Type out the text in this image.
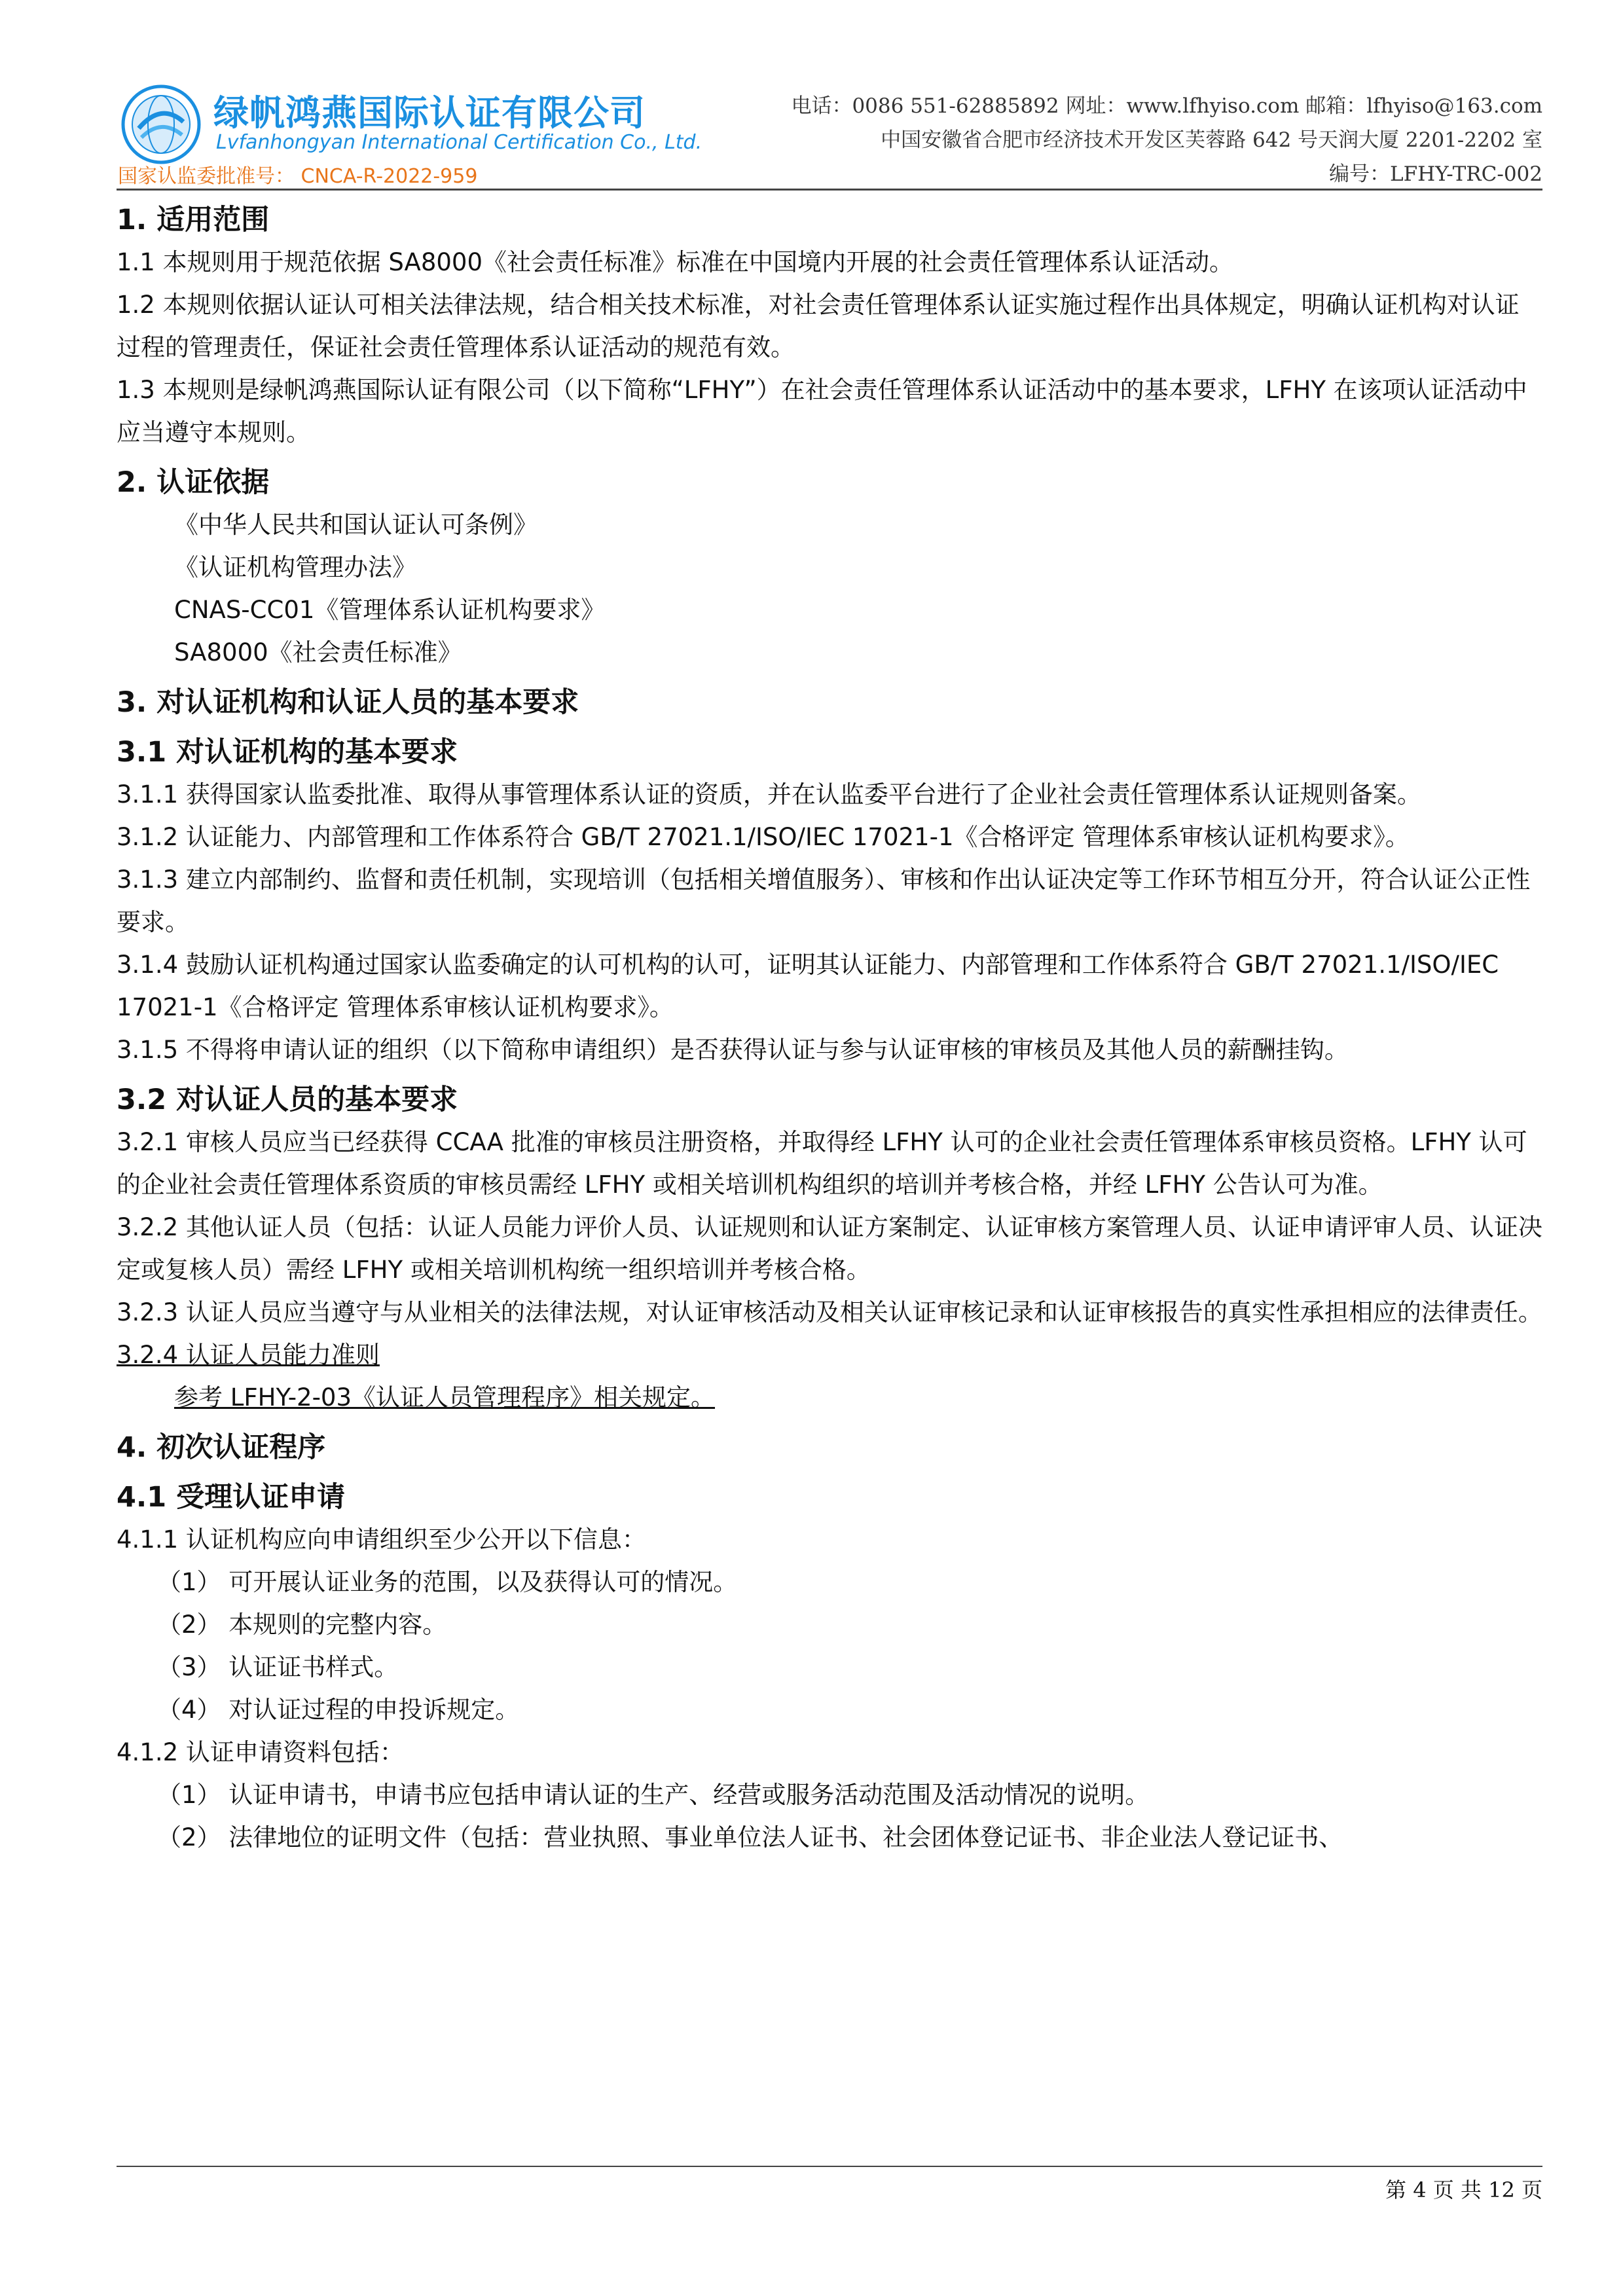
绿帆鸿燕国际认证有限公司
Lvfanhongyan International Certification Co., Ltd.
国家认监委批准号： CNCA-R-2022-959
电话：0086 551-62885892 网址：www.lfhyiso.com 邮箱：lfhyiso@163.com
中国安徽省合肥市经济技术开发区芙蓉路 642 号天润大厦 2201-2202 室
编号：LFHY-TRC-002
1. 适用范围

1.1 本规则用于规范依据 SA8000《社会责任标准》标准在中国境内开展的社会责任管理体系认证活动。

1.2 本规则依据认证认可相关法律法规，结合相关技术标准，对社会责任管理体系认证实施过程作出具体规定，明确认证机构对认证过程的管理责任，保证社会责任管理体系认证活动的规范有效。

1.3 本规则是绿帆鸿燕国际认证有限公司（以下简称“LFHY”）在社会责任管理体系认证活动中的基本要求，LFHY 在该项认证活动中应当遵守本规则。

2. 认证依据

《中华人民共和国认证认可条例》

《认证机构管理办法》

CNAS-CC01《管理体系认证机构要求》

SA8000《社会责任标准》

3. 对认证机构和认证人员的基本要求
3.1 对认证机构的基本要求

3.1.1 获得国家认监委批准、取得从事管理体系认证的资质，并在认监委平台进行了企业社会责任管理体系认证规则备案。

3.1.2 认证能力、内部管理和工作体系符合 GB/T 27021.1/ISO/IEC 17021-1《合格评定 管理体系审核认证机构要求》。

3.1.3 建立内部制约、监督和责任机制，实现培训（包括相关增值服务）、审核和作出认证决定等工作环节相互分开，符合认证公正性要求。

3.1.4 鼓励认证机构通过国家认监委确定的认可机构的认可，证明其认证能力、内部管理和工作体系符合 GB/T 27021.1/ISO/IEC 17021-1《合格评定 管理体系审核认证机构要求》。

3.1.5 不得将申请认证的组织（以下简称申请组织）是否获得认证与参与认证审核的审核员及其他人员的薪酬挂钩。

3.2 对认证人员的基本要求

3.2.1 审核人员应当已经获得 CCAA 批准的审核员注册资格，并取得经 LFHY 认可的企业社会责任管理体系审核员资格。LFHY 认可的企业社会责任管理体系资质的审核员需经 LFHY 或相关培训机构组织的培训并考核合格，并经 LFHY 公告认可为准。

3.2.2 其他认证人员（包括：认证人员能力评价人员、认证规则和认证方案制定、认证审核方案管理人员、认证申请评审人员、认证决定或复核人员）需经 LFHY 或相关培训机构统一组织培训并考核合格。

3.2.3 认证人员应当遵守与从业相关的法律法规，对认证审核活动及相关认证审核记录和认证审核报告的真实性承担相应的法律责任。

3.2.4 认证人员能力准则

参考 LFHY-2-03《认证人员管理程序》相关规定。

4. 初次认证程序
4.1 受理认证申请

4.1.1 认证机构应向申请组织至少公开以下信息：

（1） 可开展认证业务的范围，以及获得认可的情况。

（2） 本规则的完整内容。

（3） 认证证书样式。

（4） 对认证过程的申投诉规定。

4.1.2 认证申请资料包括：

（1） 认证申请书，申请书应包括申请认证的生产、经营或服务活动范围及活动情况的说明。

（2） 法律地位的证明文件（包括：营业执照、事业单位法人证书、社会团体登记证书、非企业法人登记证书、

第 4 页 共 12 页
